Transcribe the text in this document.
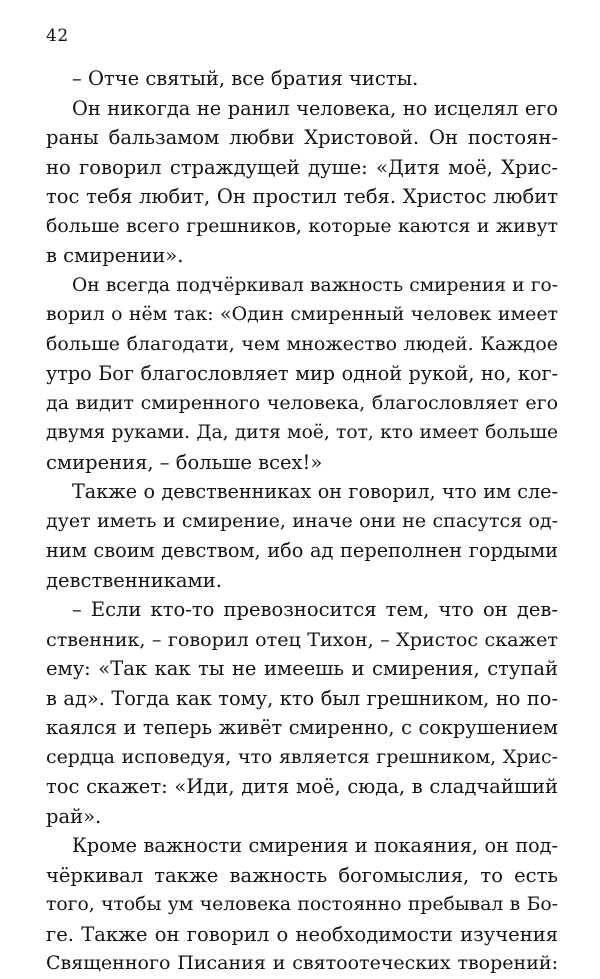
42
– Отче святый, все братия чисты.
Он никогда не ранил человека, но исцелял его
раны бальзамом любви Христовой. Он постоян-
но говорил страждущей душе: «Дитя моё, Хрис-
тос тебя любит, Он простил тебя. Христос любит
больше всего грешников, которые каются и живут
в смирении».
Он всегда подчёркивал важность смирения и го-
ворил о нём так: «Один смиренный человек имеет
больше благодати, чем множество людей. Каждое
утро Бог благословляет мир одной рукой, но, ког-
да видит смиренного человека, благословляет его
двумя руками. Да, дитя моё, тот, кто имеет больше
смирения, – больше всех!»
Также о девственниках он говорил, что им сле-
дует иметь и смирение, иначе они не спасутся од-
ним своим девством, ибо ад переполнен гордыми
девственниками.
– Если кто-то превозносится тем, что он дев-
ственник, – говорил отец Тихон, – Христос скажет
ему: «Так как ты не имеешь и смирения, ступай
в ад». Тогда как тому, кто был грешником, но по-
каялся и теперь живёт смиренно, с сокрушением
сердца исповедуя, что является грешником, Хрис-
тос скажет: «Иди, дитя моё, сюда, в сладчайший
рай».
Кроме важности смирения и покаяния, он под-
чёркивал также важность богомыслия, то есть
того, чтобы ум человека постоянно пребывал в Бо-
ге. Также он говорил о необходимости изучения
Священного Писания и святоотеческих творений:
